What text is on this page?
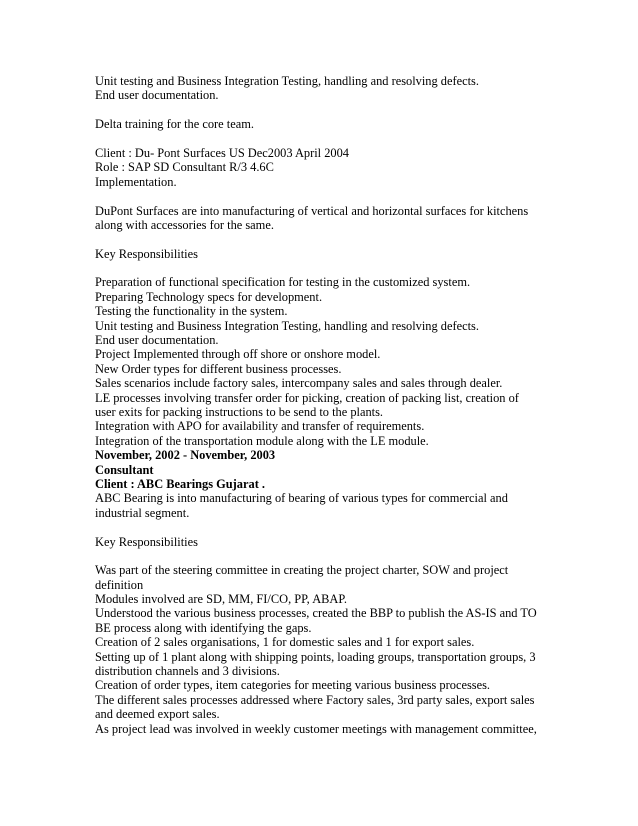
Unit testing and Business Integration Testing, handling and resolving defects.
End user documentation.
Delta training for the core team.
Client : Du- Pont Surfaces US Dec2003 April 2004
Role : SAP SD Consultant R/3 4.6C
Implementation.
DuPont Surfaces are into manufacturing of vertical and horizontal surfaces for kitchens
along with accessories for the same.
Key Responsibilities
Preparation of functional specification for testing in the customized system.
Preparing Technology specs for development.
Testing the functionality in the system.
Unit testing and Business Integration Testing, handling and resolving defects.
End user documentation.
Project Implemented through off shore or onshore model.
New Order types for different business processes.
Sales scenarios include factory sales, intercompany sales and sales through dealer.
LE processes involving transfer order for picking, creation of packing list, creation of
user exits for packing instructions to be send to the plants.
Integration with APO for availability and transfer of requirements.
Integration of the transportation module along with the LE module.
November, 2002 - November, 2003
Consultant
Client : ABC Bearings Gujarat .
ABC Bearing is into manufacturing of bearing of various types for commercial and
industrial segment.
Key Responsibilities
Was part of the steering committee in creating the project charter, SOW and project
definition
Modules involved are SD, MM, FI/CO, PP, ABAP.
Understood the various business processes, created the BBP to publish the AS-IS and TO
BE process along with identifying the gaps.
Creation of 2 sales organisations, 1 for domestic sales and 1 for export sales.
Setting up of 1 plant along with shipping points, loading groups, transportation groups, 3
distribution channels and 3 divisions.
Creation of order types, item categories for meeting various business processes.
The different sales processes addressed where Factory sales, 3rd party sales, export sales
and deemed export sales.
As project lead was involved in weekly customer meetings with management committee,
